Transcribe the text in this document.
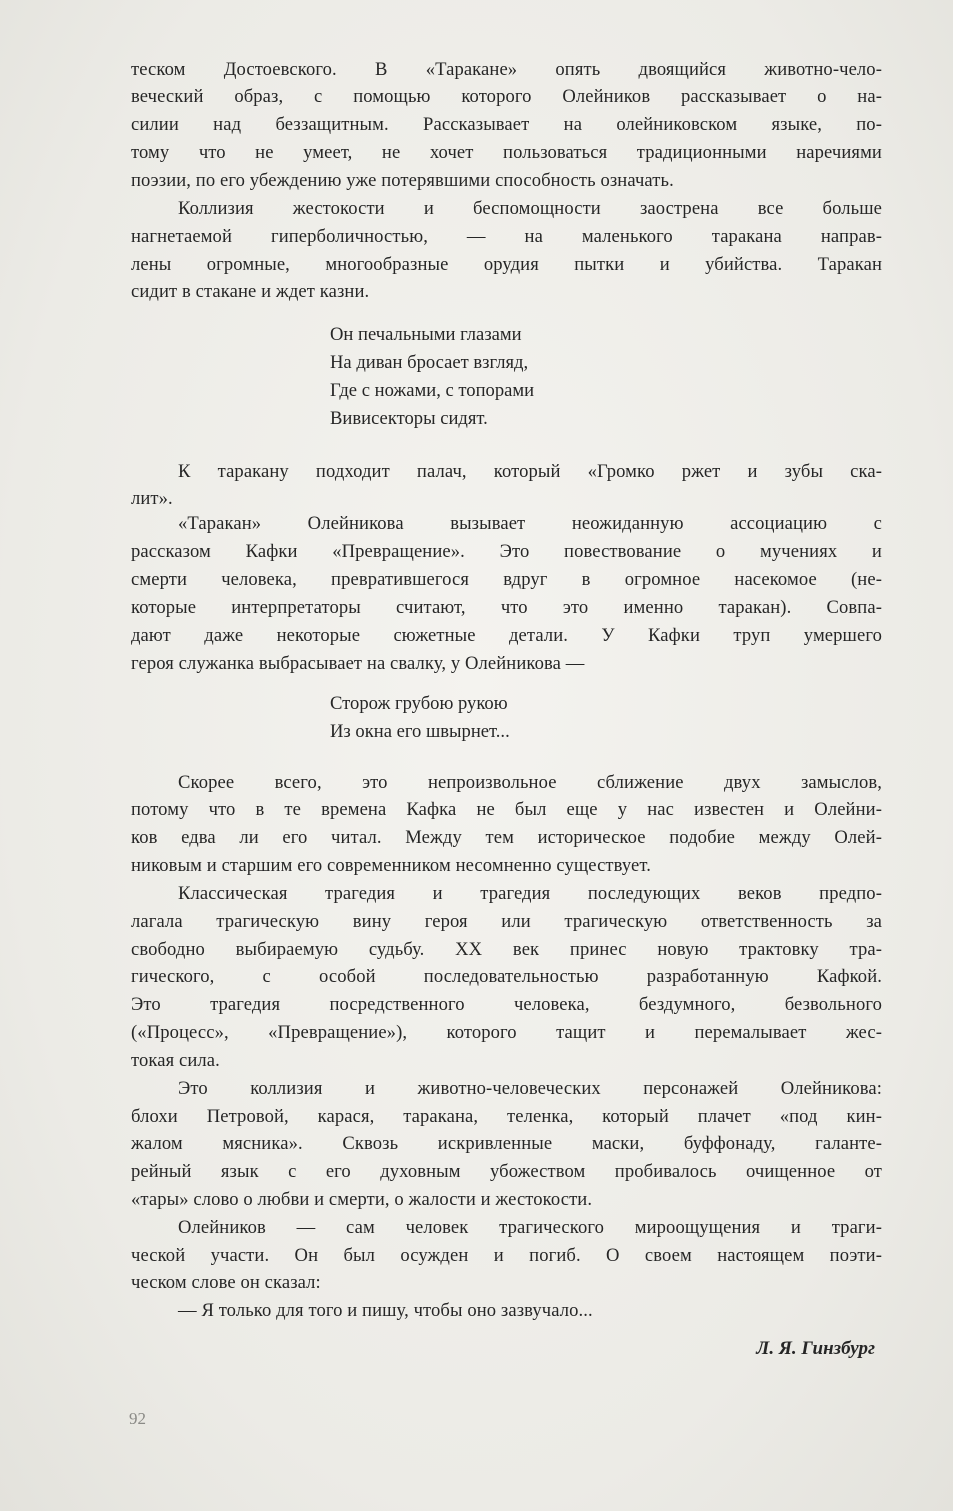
теском Достоевского. В «Таракане» опять двоящийся животно-чело-
веческий образ, с помощью которого Олейников рассказывает о на-
силии над беззащитным. Рассказывает на олейниковском языке, по-
тому что не умеет, не хочет пользоваться традиционными наречиями
поэзии, по его убеждению уже потерявшими способность означать.
Коллизия жестокости и беспомощности заострена все больше
нагнетаемой гиперболичностью, — на маленького таракана направ-
лены огромные, многообразные орудия пытки и убийства. Таракан
сидит в стакане и ждет казни.
Он печальными глазами
На диван бросает взгляд,
Где с ножами, с топорами
Вивисекторы сидят.
К таракану подходит палач, который «Громко ржет и зубы ска-
лит».
«Таракан» Олейникова вызывает неожиданную ассоциацию с
рассказом Кафки «Превращение». Это повествование о мучениях и
смерти человека, превратившегося вдруг в огромное насекомое (не-
которые интерпретаторы считают, что это именно таракан). Совпа-
дают даже некоторые сюжетные детали. У Кафки труп умершего
героя служанка выбрасывает на свалку, у Олейникова —
Сторож грубою рукою
Из окна его швырнет...
Скорее всего, это непроизвольное сближение двух замыслов,
потому что в те времена Кафка не был еще у нас известен и Олейни-
ков едва ли его читал. Между тем историческое подобие между Олей-
никовым и старшим его современником несомненно существует.
Классическая трагедия и трагедия последующих веков предпо-
лагала трагическую вину героя или трагическую ответственность за
свободно выбираемую судьбу. XX век принес новую трактовку тра-
гического, с особой последовательностью разработанную Кафкой.
Это трагедия посредственного человека, бездумного, безвольного
(«Процесс», «Превращение»), которого тащит и перемалывает жес-
токая сила.
Это коллизия и животно-человеческих персонажей Олейникова:
блохи Петровой, карася, таракана, теленка, который плачет «под кин-
жалом мясника». Сквозь искривленные маски, буффонаду, галанте-
рейный язык с его духовным убожеством пробивалось очищенное от
«тары» слово о любви и смерти, о жалости и жестокости.
Олейников — сам человек трагического мироощущения и траги-
ческой участи. Он был осужден и погиб. О своем настоящем поэти-
ческом слове он сказал:
— Я только для того и пишу, чтобы оно зазвучало...
Л. Я. Гинзбург
92
